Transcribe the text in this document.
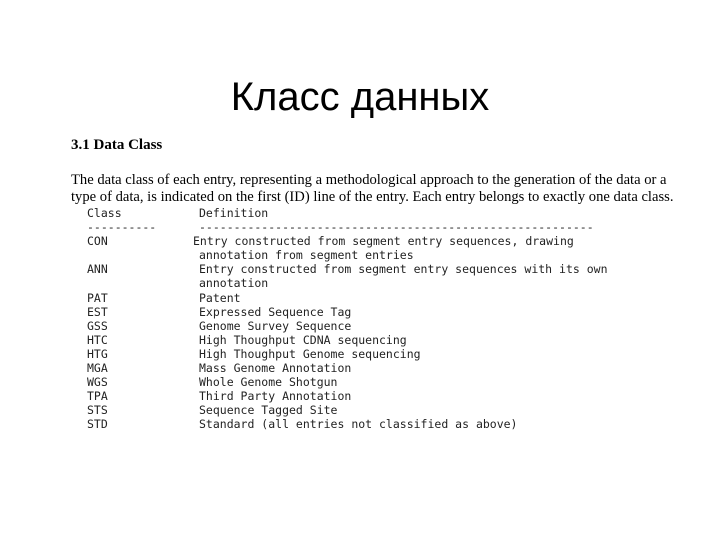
Класс данных
3.1 Data Class

The data class of each entry, representing a methodological approach to the generation of the data or a type of data, is indicated on the first (ID) line of the entry. Each entry belongs to exactly one data class.

Class	Definition
----------	---------------------------------------------------------
CON	Entry constructed from segment entry sequences, drawing
annotation from segment entries
ANN	Entry constructed from segment entry sequences with its own
annotation
PAT	Patent
EST	Expressed Sequence Tag
GSS	Genome Survey Sequence
HTC	High Thoughput CDNA sequencing
HTG	High Thoughput Genome sequencing
MGA	Mass Genome Annotation
WGS	Whole Genome Shotgun
TPA	Third Party Annotation
STS	Sequence Tagged Site
STD	Standard (all entries not classified as above)
